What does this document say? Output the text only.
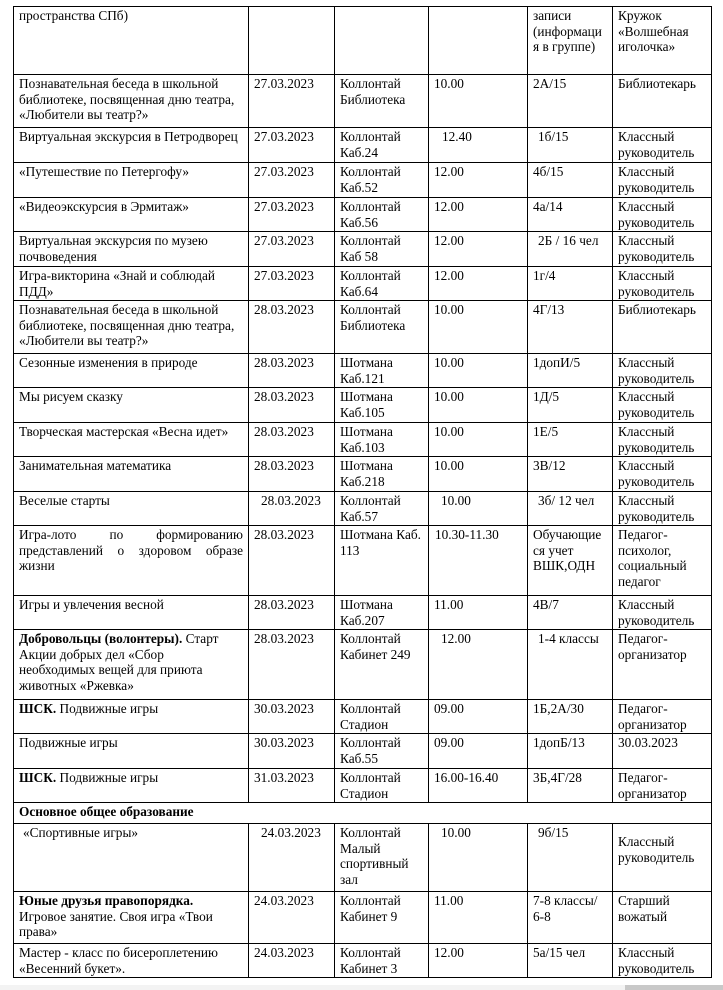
пространства СПб)				записи (информация в группе)	Кружок «Волшебная иголочка»
Познавательная беседа в школьной библиотеке, посвященная дню театра, «Любители вы театр?»	27.03.2023	Коллонтай Библиотека	10.00	2А/15	Библиотекарь
Виртуальная экскурсия в Петродворец	27.03.2023	Коллонтай Каб.24	12.40	1б/15	Классный руководитель
«Путешествие по Петергофу»	27.03.2023	Коллонтай Каб.52	12.00	4б/15	Классный руководитель
«Видеоэкскурсия в Эрмитаж»	27.03.2023	Коллонтай Каб.56	12.00	4а/14	Классный руководитель
Виртуальная экскурсия по музею почвоведения	27.03.2023	Коллонтай Каб 58	12.00	2Б / 16 чел	Классный руководитель
Игра-викторина «Знай и соблюдай ПДД»	27.03.2023	Коллонтай Каб.64	12.00	1г/4	Классный руководитель
Познавательная беседа в школьной библиотеке, посвященная дню театра, «Любители вы театр?»	28.03.2023	Коллонтай Библиотека	10.00	4Г/13	Библиотекарь
Сезонные изменения в природе	28.03.2023	Шотмана Каб.121	10.00	1допИ/5	Классный руководитель
Мы рисуем сказку	28.03.2023	Шотмана Каб.105	10.00	1Д/5	Классный руководитель
Творческая мастерская «Весна идет»	28.03.2023	Шотмана Каб.103	10.00	1Е/5	Классный руководитель
Занимательная математика	28.03.2023	Шотмана Каб.218	10.00	3В/12	Классный руководитель
Веселые старты	28.03.2023	Коллонтай Каб.57	10.00	3б/ 12 чел	Классный руководитель
Игра-лото по формированию представлений о здоровом образе жизни	28.03.2023	Шотмана Каб. 113	10.30-11.30	Обучающиеся учет ВШК,ОДН	Педагог-психолог, социальный педагог
Игры и увлечения весной	28.03.2023	Шотмана Каб.207	11.00	4В/7	Классный руководитель
Добровольцы (волонтеры). Старт Акции добрых дел «Сбор необходимых вещей для приюта животных «Ржевка»	28.03.2023	Коллонтай Кабинет 249	12.00	1-4 классы	Педагог-организатор
ШСК. Подвижные игры	30.03.2023	Коллонтай Стадион	09.00	1Б,2А/30	Педагог-организатор
Подвижные игры	30.03.2023	Коллонтай Каб.55	09.00	1допБ/13	30.03.2023
ШСК. Подвижные игры	31.03.2023	Коллонтай Стадион	16.00-16.40	3Б,4Г/28	Педагог-организатор
Основное общее образование					
«Спортивные игры»	24.03.2023	Коллонтай Малый спортивный зал	10.00	9б/15	Классный руководитель
Юные друзья правопорядка. Игровое занятие. Своя игра «Твои права»	24.03.2023	Коллонтай Кабинет 9	11.00	7-8 классы/ 6-8	Старший вожатый
Мастер - класс по бисероплетению «Весенний букет».	24.03.2023	Коллонтай Кабинет 3	12.00	5а/15 чел	Классный руководитель
